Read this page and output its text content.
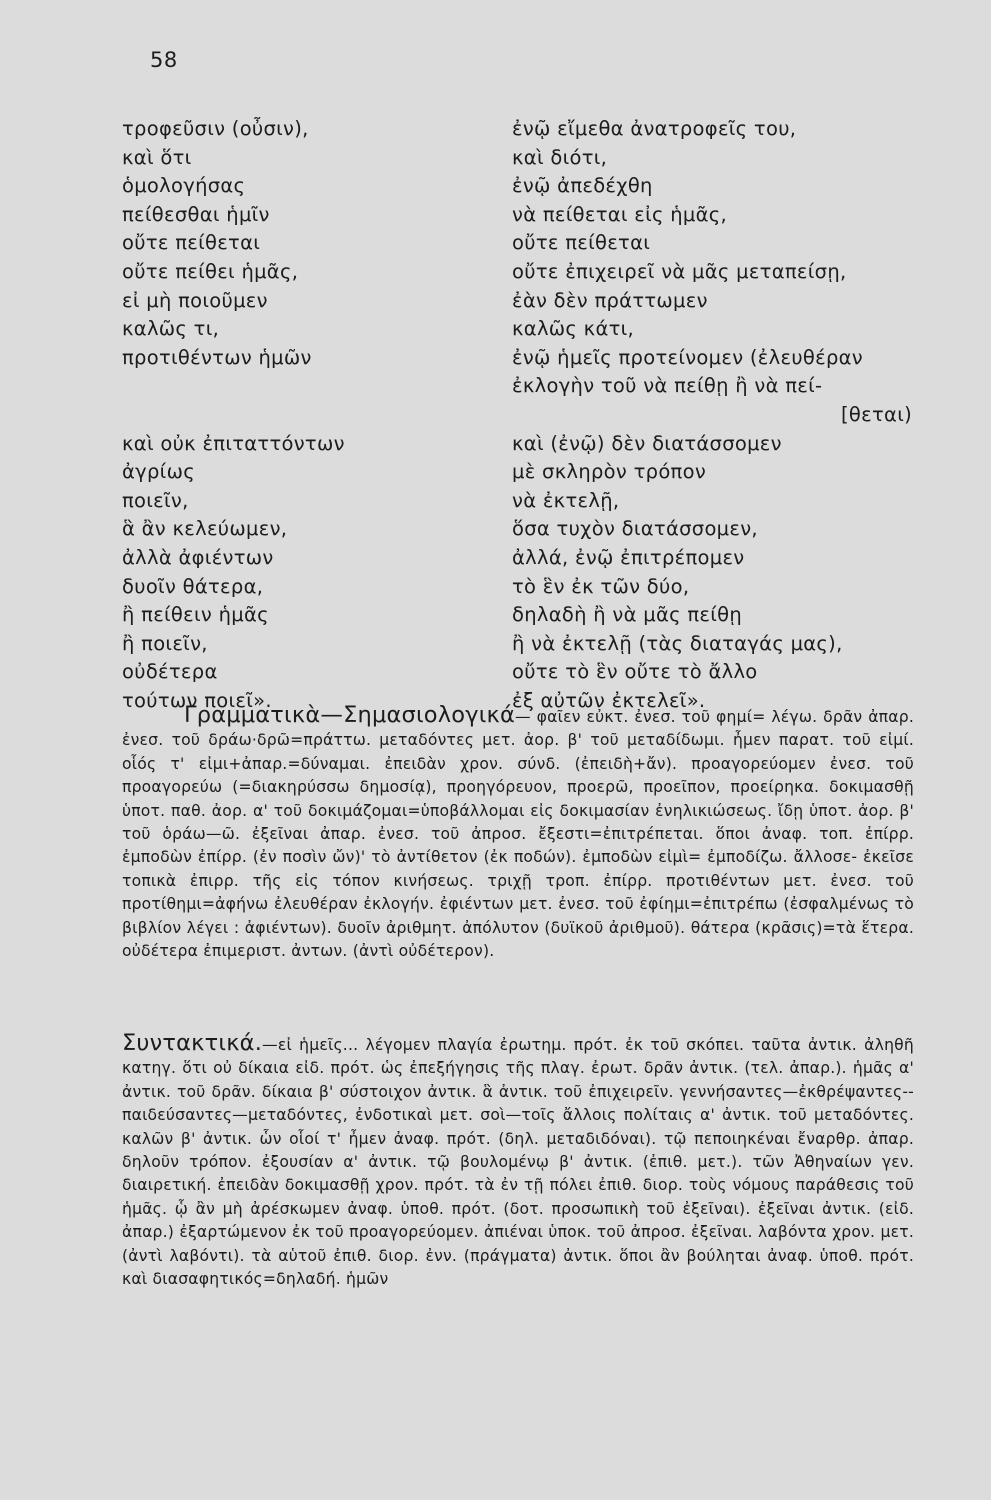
58
τροφεῦσιν (οὖσιν),
καὶ ὅτι
ὁμολογήσας
πείθεσθαι ἡμῖν
οὔτε πείθεται
οὔτε πείθει ἡμᾶς,
εἰ μὴ ποιοῦμεν
καλῶς τι,
προτιθέντων ἡμῶν
καὶ οὐκ ἐπιταττόντων
ἀγρίως
ποιεῖν,
ἃ ἂν κελεύωμεν,
ἀλλὰ ἀφιέντων
δυοῖν θάτερα,
ἢ πείθειν ἡμᾶς
ἢ ποιεῖν,
οὐδέτερα
τούτων ποιεῖ».
ἐνῷ εἴμεθα ἀνατροφεῖς του,
καὶ διότι,
ἐνῷ ἀπεδέχθη
νὰ πείθεται εἰς ἡμᾶς,
οὔτε πείθεται
οὔτε ἐπιχειρεῖ νὰ μᾶς μεταπείσῃ,
ἐὰν δὲν πράττωμεν
καλῶς κάτι,
ἐνῷ ἡμεῖς προτείνομεν (ἐλευθέραν
ἐκλογὴν τοῦ νὰ πείθῃ ἢ νὰ πεί-
[θεται)
καὶ (ἐνῷ) δὲν διατάσσομεν
μὲ σκληρὸν τρόπον
νὰ ἐκτελῇ,
ὅσα τυχὸν διατάσσομεν,
ἀλλά, ἐνῷ ἐπιτρέπομεν
τὸ ἓν ἐκ τῶν δύο,
δηλαδὴ ἢ νὰ μᾶς πείθῃ
ἢ νὰ ἐκτελῇ (τὰς διαταγάς μας),
οὔτε τὸ ἓν οὔτε τὸ ἄλλο
ἐξ αὐτῶν ἐκτελεῖ».

Γραμματικὰ—Σημασιολογικά— φαῖεν εὐκτ. ἐνεσ. τοῦ φημί= λέγω. δρᾶν ἀπαρ. ἐνεσ. τοῦ δράω·δρῶ=πράττω. μεταδόντες μετ. ἀορ. β' τοῦ μεταδίδωμι. ἦμεν παρατ. τοῦ εἰμί. οἷός τ' εἰμι+ἀπαρ.=δύναμαι. ἐπειδὰν χρον. σύνδ. (ἐπειδὴ+ἄν). προαγορεύομεν ἐνεσ. τοῦ προαγορεύω (=διακηρύσσω δημοσίᾳ), προηγόρευον, προερῶ, προεῖπον, προείρηκα. δοκιμασθῇ ὑποτ. παθ. ἀορ. α' τοῦ δοκιμάζομαι=ὑποβάλλομαι εἰς δοκιμασίαν ἐνηλικιώσεως. ἴδῃ ὑποτ. ἀορ. β' τοῦ ὁράω—ῶ. ἐξεῖναι ἀπαρ. ἐνεσ. τοῦ ἀπροσ. ἔξεστι=ἐπιτρέπεται. ὅποι ἀναφ. τοπ. ἐπίρρ. ἐμποδὼν ἐπίρρ. (ἐν ποσὶν ὤν)' τὸ ἀντίθετον (ἐκ ποδών). ἐμποδὼν εἰμὶ= ἐμποδίζω. ἄλλοσε- ἐκεῖσε τοπικὰ ἐπιρρ. τῆς εἰς τόπον κινήσεως. τριχῇ τροπ. ἐπίρρ. προτιθέντων μετ. ἐνεσ. τοῦ προτίθημι=ἀφήνω ἐλευθέραν ἐκλογήν. ἐφιέντων μετ. ἐνεσ. τοῦ ἐφίημι=ἐπιτρέπω (ἐσφαλμένως τὸ βιβλίον λέγει : ἀφιέντων). δυοῖν ἀριθμητ. ἀπόλυτον (δυϊκοῦ ἀριθμοῦ). θάτερα (κρᾶσις)=τὰ ἕτερα. οὐδέτερα ἐπιμεριστ. ἀντων. (ἀντὶ οὐδέτερον).

Συντακτικά.—εἰ ἡμεῖς... λέγομεν πλαγία ἐρωτημ. πρότ. ἐκ τοῦ σκόπει. ταῦτα ἀντικ. ἀληθῆ κατηγ. ὅτι οὐ δίκαια εἰδ. πρότ. ὡς ἐπεξήγησις τῆς πλαγ. ἐρωτ. δρᾶν ἀντικ. (τελ. ἀπαρ.). ἡμᾶς α' ἀντικ. τοῦ δρᾶν. δίκαια β' σύστοιχον ἀντικ. ἃ ἀντικ. τοῦ ἐπιχειρεῖν. γεννήσαντες—ἐκθρέψαντες--παιδεύσαντες—μεταδόντες, ἐνδοτικαὶ μετ. σοὶ—τοῖς ἄλλοις πολίταις α' ἀντικ. τοῦ μεταδόντες. καλῶν β' ἀντικ. ὧν οἷοί τ' ἦμεν ἀναφ. πρότ. (δηλ. μεταδιδόναι). τῷ πεποιηκέναι ἔναρθρ. ἀπαρ. δηλοῦν τρόπον. ἐξουσίαν α' ἀντικ. τῷ βουλομένῳ β' ἀντικ. (ἐπιθ. μετ.). τῶν Ἀθηναίων γεν. διαιρετική. ἐπειδὰν δοκιμασθῇ χρον. πρότ. τὰ ἐν τῇ πόλει ἐπιθ. διορ. τοὺς νόμους παράθεσις τοῦ ἡμᾶς. ᾧ ἂν μὴ ἀρέσκωμεν ἀναφ. ὑποθ. πρότ. (δοτ. προσωπικὴ τοῦ ἐξεῖναι). ἐξεῖναι ἀντικ. (εἰδ. ἀπαρ.) ἐξαρτώμενον ἐκ τοῦ προαγορεύομεν. ἀπιέναι ὑποκ. τοῦ ἀπροσ. ἐξεῖναι. λαβόντα χρον. μετ. (ἀντὶ λαβόντι). τὰ αὑτοῦ ἐπιθ. διορ. ἐνν. (πράγματα) ἀντικ. ὅποι ἂν βούληται ἀναφ. ὑποθ. πρότ. καὶ διασαφητικός=δηλαδή. ἡμῶν
